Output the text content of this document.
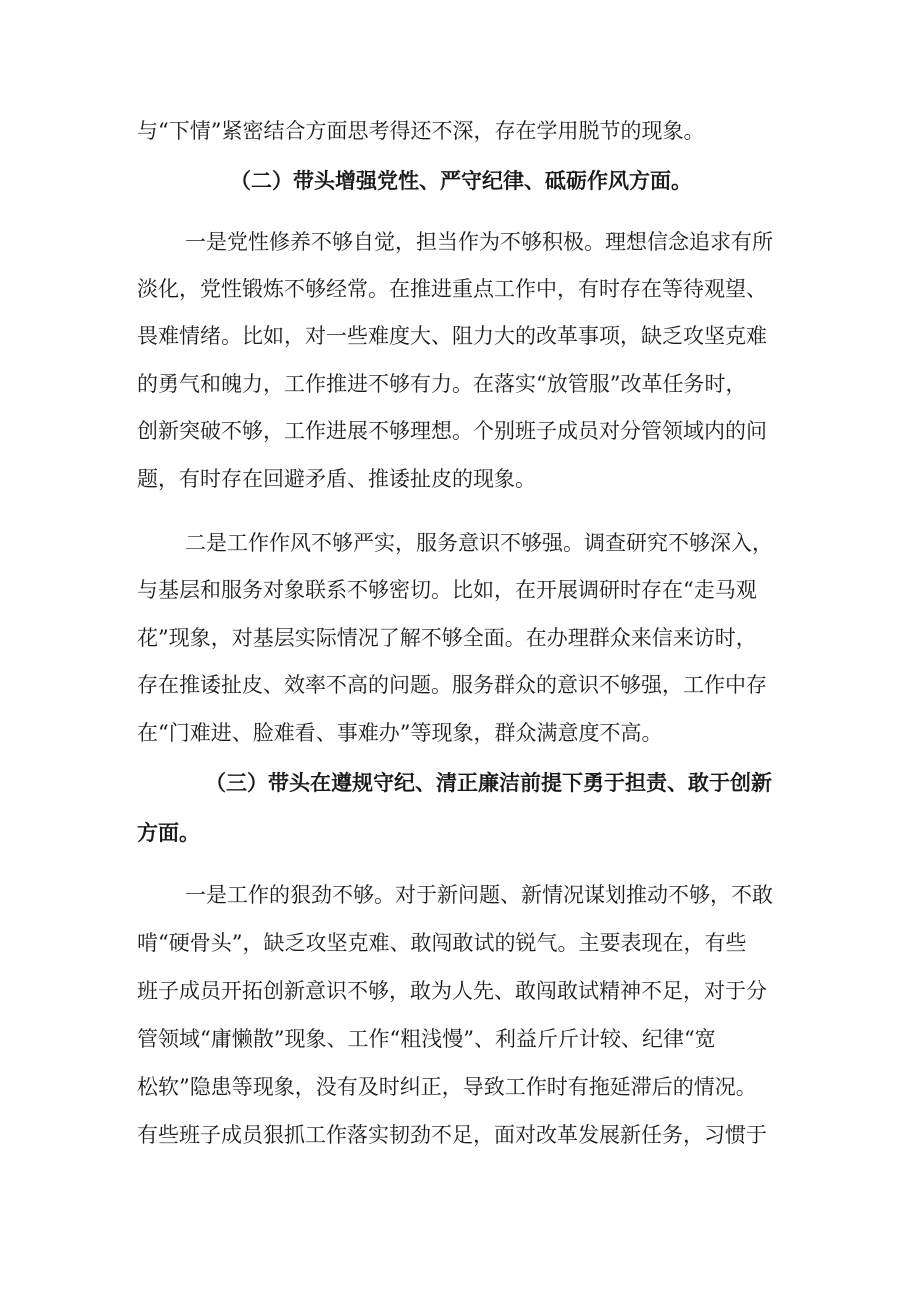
与“下情”紧密结合方面思考得还不深，存在学用脱节的现象。
（二）带头增强党性、严守纪律、砥砺作风方面。
一是党性修养不够自觉，担当作为不够积极。理想信念追求有所
淡化，党性锻炼不够经常。在推进重点工作中，有时存在等待观望、
畏难情绪。比如，对一些难度大、阻力大的改革事项，缺乏攻坚克难
的勇气和魄力，工作推进不够有力。在落实“放管服”改革任务时，
创新突破不够，工作进展不够理想。个别班子成员对分管领域内的问
题，有时存在回避矛盾、推诿扯皮的现象。
二是工作作风不够严实，服务意识不够强。调查研究不够深入，
与基层和服务对象联系不够密切。比如，在开展调研时存在“走马观
花”现象，对基层实际情况了解不够全面。在办理群众来信来访时，
存在推诿扯皮、效率不高的问题。服务群众的意识不够强，工作中存
在“门难进、脸难看、事难办”等现象，群众满意度不高。
（三）带头在遵规守纪、清正廉洁前提下勇于担责、敢于创新
方面。
一是工作的狠劲不够。对于新问题、新情况谋划推动不够，不敢
啃“硬骨头”，缺乏攻坚克难、敢闯敢试的锐气。主要表现在，有些
班子成员开拓创新意识不够，敢为人先、敢闯敢试精神不足，对于分
管领域“庸懒散”现象、工作“粗浅慢”、利益斤斤计较、纪律“宽
松软”隐患等现象，没有及时纠正，导致工作时有拖延滞后的情况。
有些班子成员狠抓工作落实韧劲不足，面对改革发展新任务，习惯于
